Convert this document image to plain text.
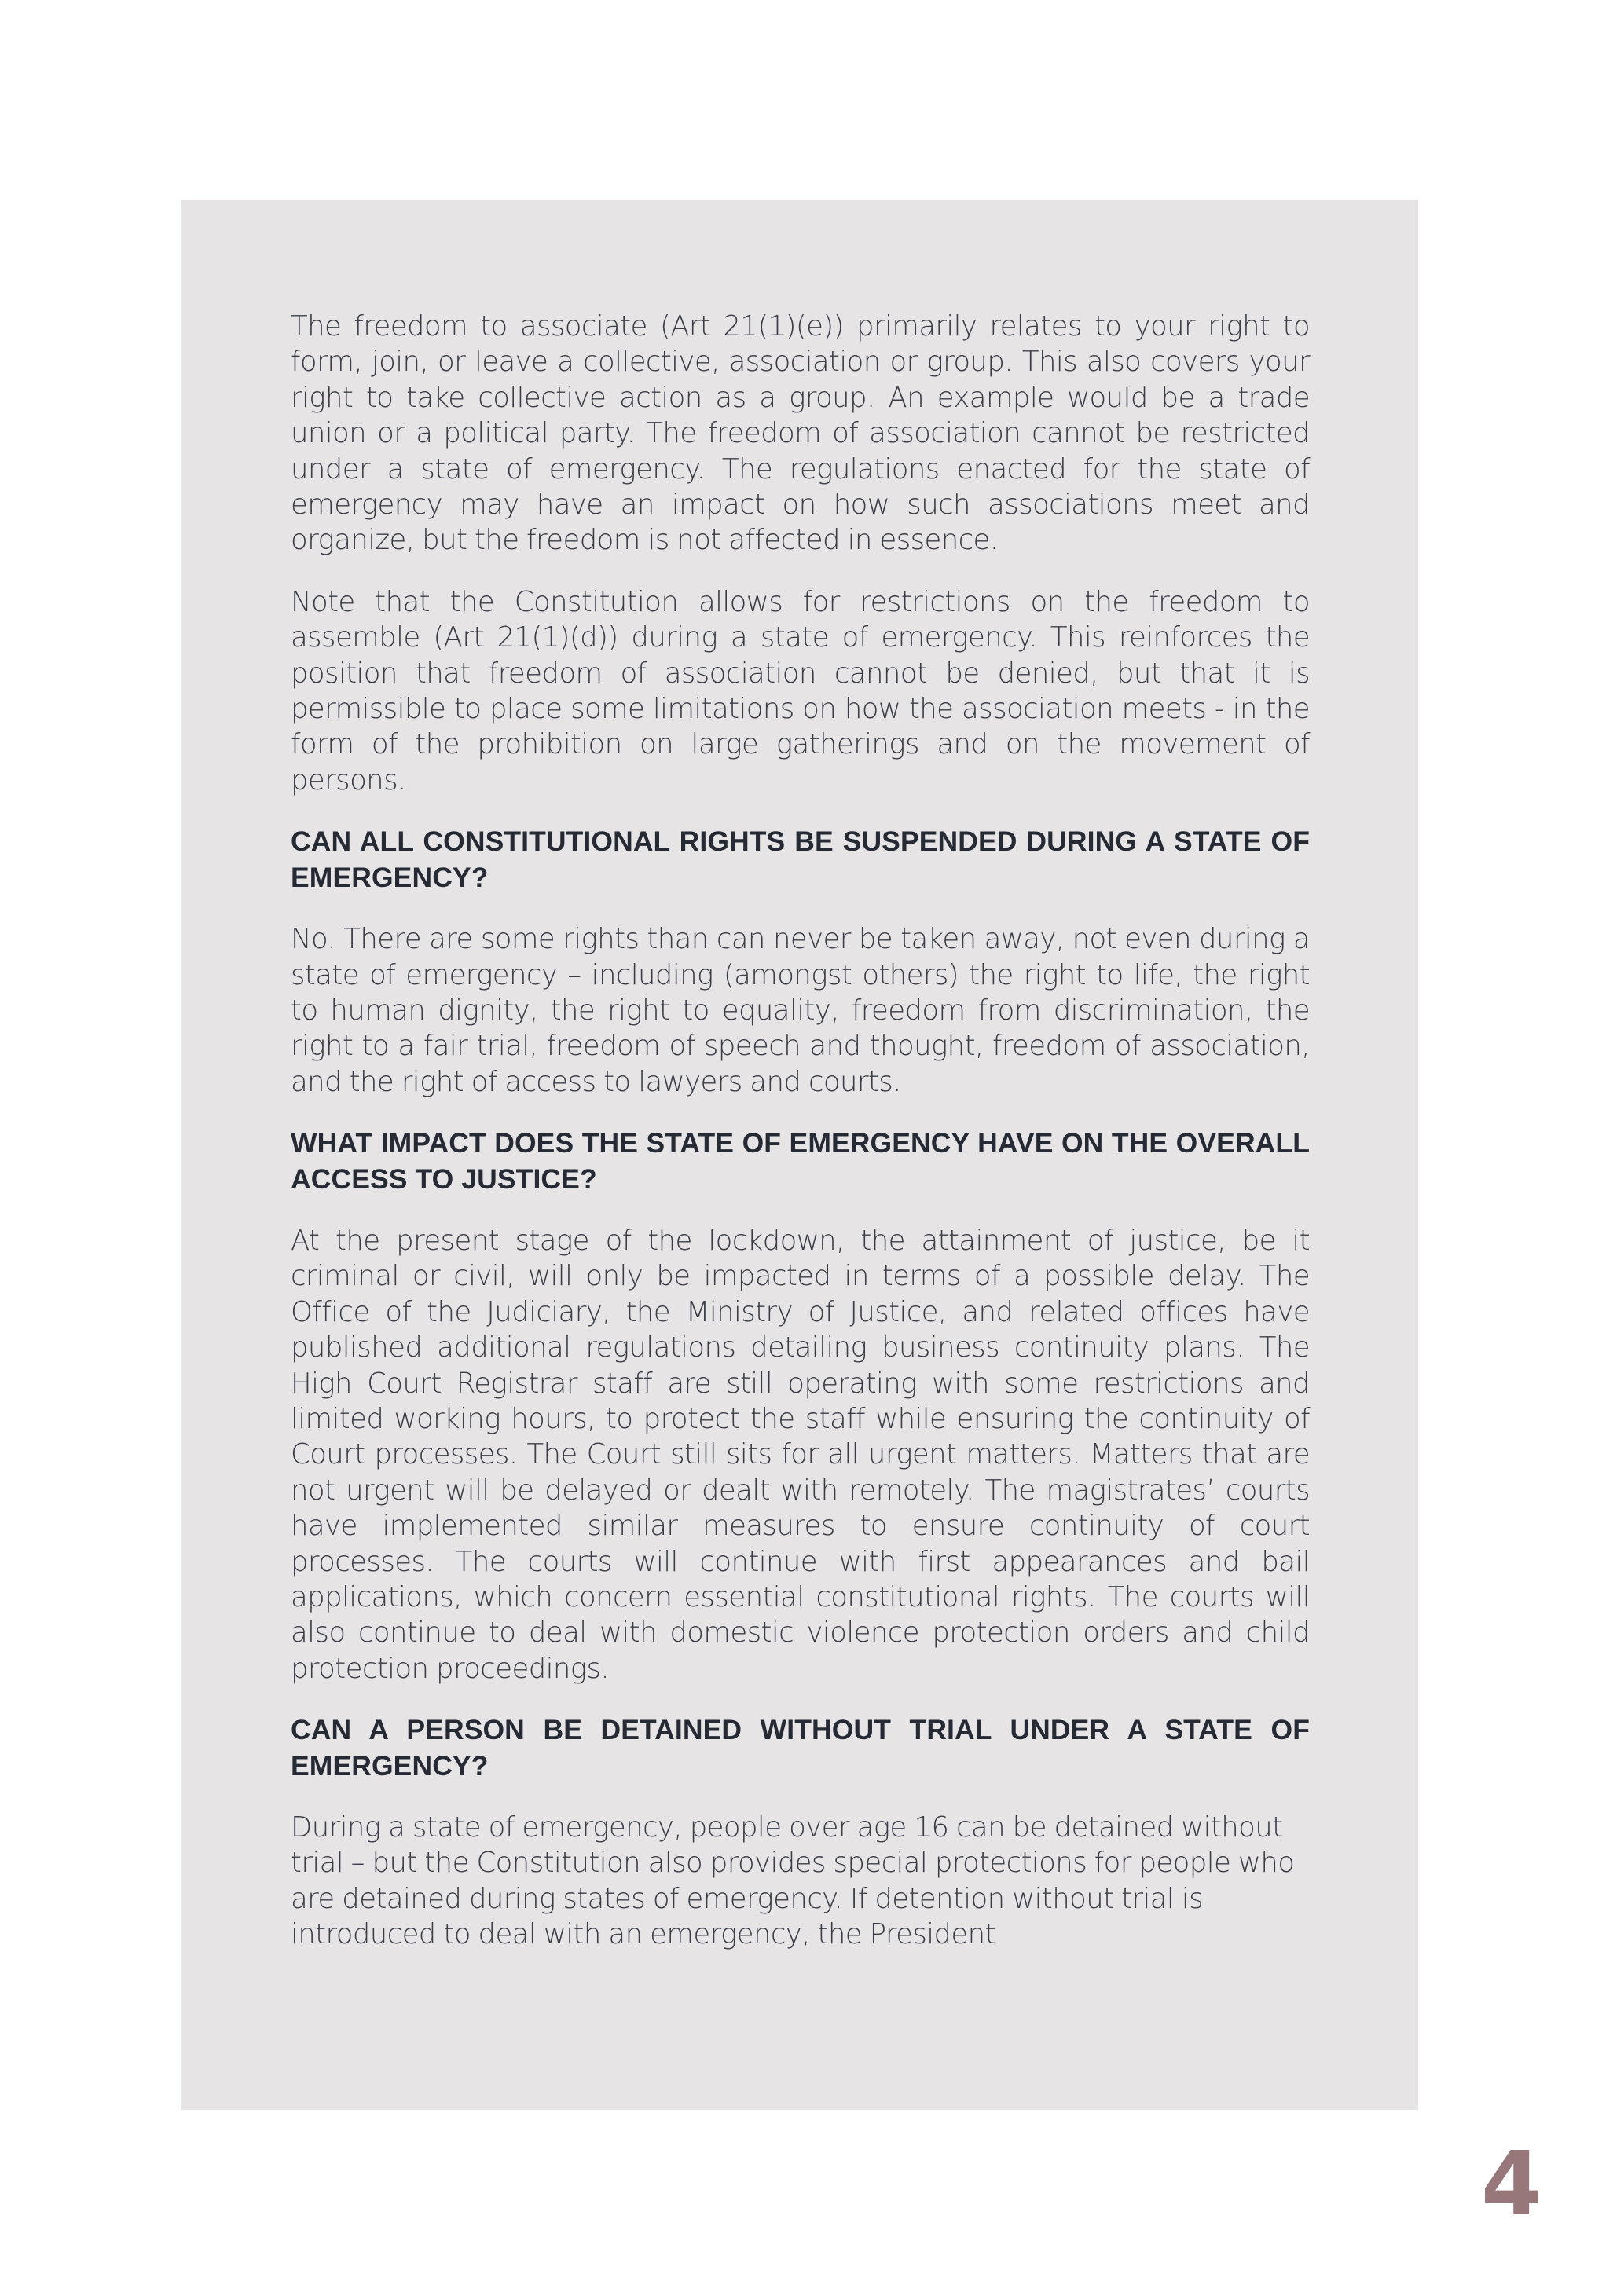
The freedom to associate (Art 21(1)(e)) primarily relates to your right to form, join, or leave a collective, association or group. This also covers your right to take collective action as a group. An example would be a trade union or a political party. The freedom of association cannot be restricted under a state of emergency. The regulations enacted for the state of emergency may have an impact on how such associations meet and organize, but the freedom is not affected in essence.

Note that the Constitution allows for restrictions on the freedom to assemble (Art 21(1)(d)) during a state of emergency. This reinforces the position that freedom of association cannot be denied, but that it is permissible to place some limitations on how the association meets - in the form of the prohibition on large gatherings and on the movement of persons.

CAN ALL CONSTITUTIONAL RIGHTS BE SUSPENDED DURING A STATE OF EMERGENCY?

No. There are some rights than can never be taken away, not even during a state of emergency – including (amongst others) the right to life, the right to human dignity, the right to equality, freedom from discrimination, the right to a fair trial, freedom of speech and thought, freedom of association, and the right of access to lawyers and courts.

WHAT IMPACT DOES THE STATE OF EMERGENCY HAVE ON THE OVERALL ACCESS TO JUSTICE?

At the present stage of the lockdown, the attainment of justice, be it criminal or civil, will only be impacted in terms of a possible delay. The Office of the Judiciary, the Ministry of Justice, and related offices have published additional regulations detailing business continuity plans. The High Court Registrar staff are still operating with some restrictions and limited working hours, to protect the staff while ensuring the continuity of Court processes. The Court still sits for all urgent matters. Matters that are not urgent will be delayed or dealt with remotely. The magistrates’ courts have implemented similar measures to ensure continuity of court processes. The courts will continue with first appearances and bail applications, which concern essential constitutional rights. The courts will also continue to deal with domestic violence protection orders and child protection proceedings.

CAN A PERSON BE DETAINED WITHOUT TRIAL UNDER A STATE OF EMERGENCY?

During a state of emergency, people over age 16 can be detained without trial – but the Constitution also provides special protections for people who are detained during states of emergency. If detention without trial is introduced to deal with an emergency, the President

4
